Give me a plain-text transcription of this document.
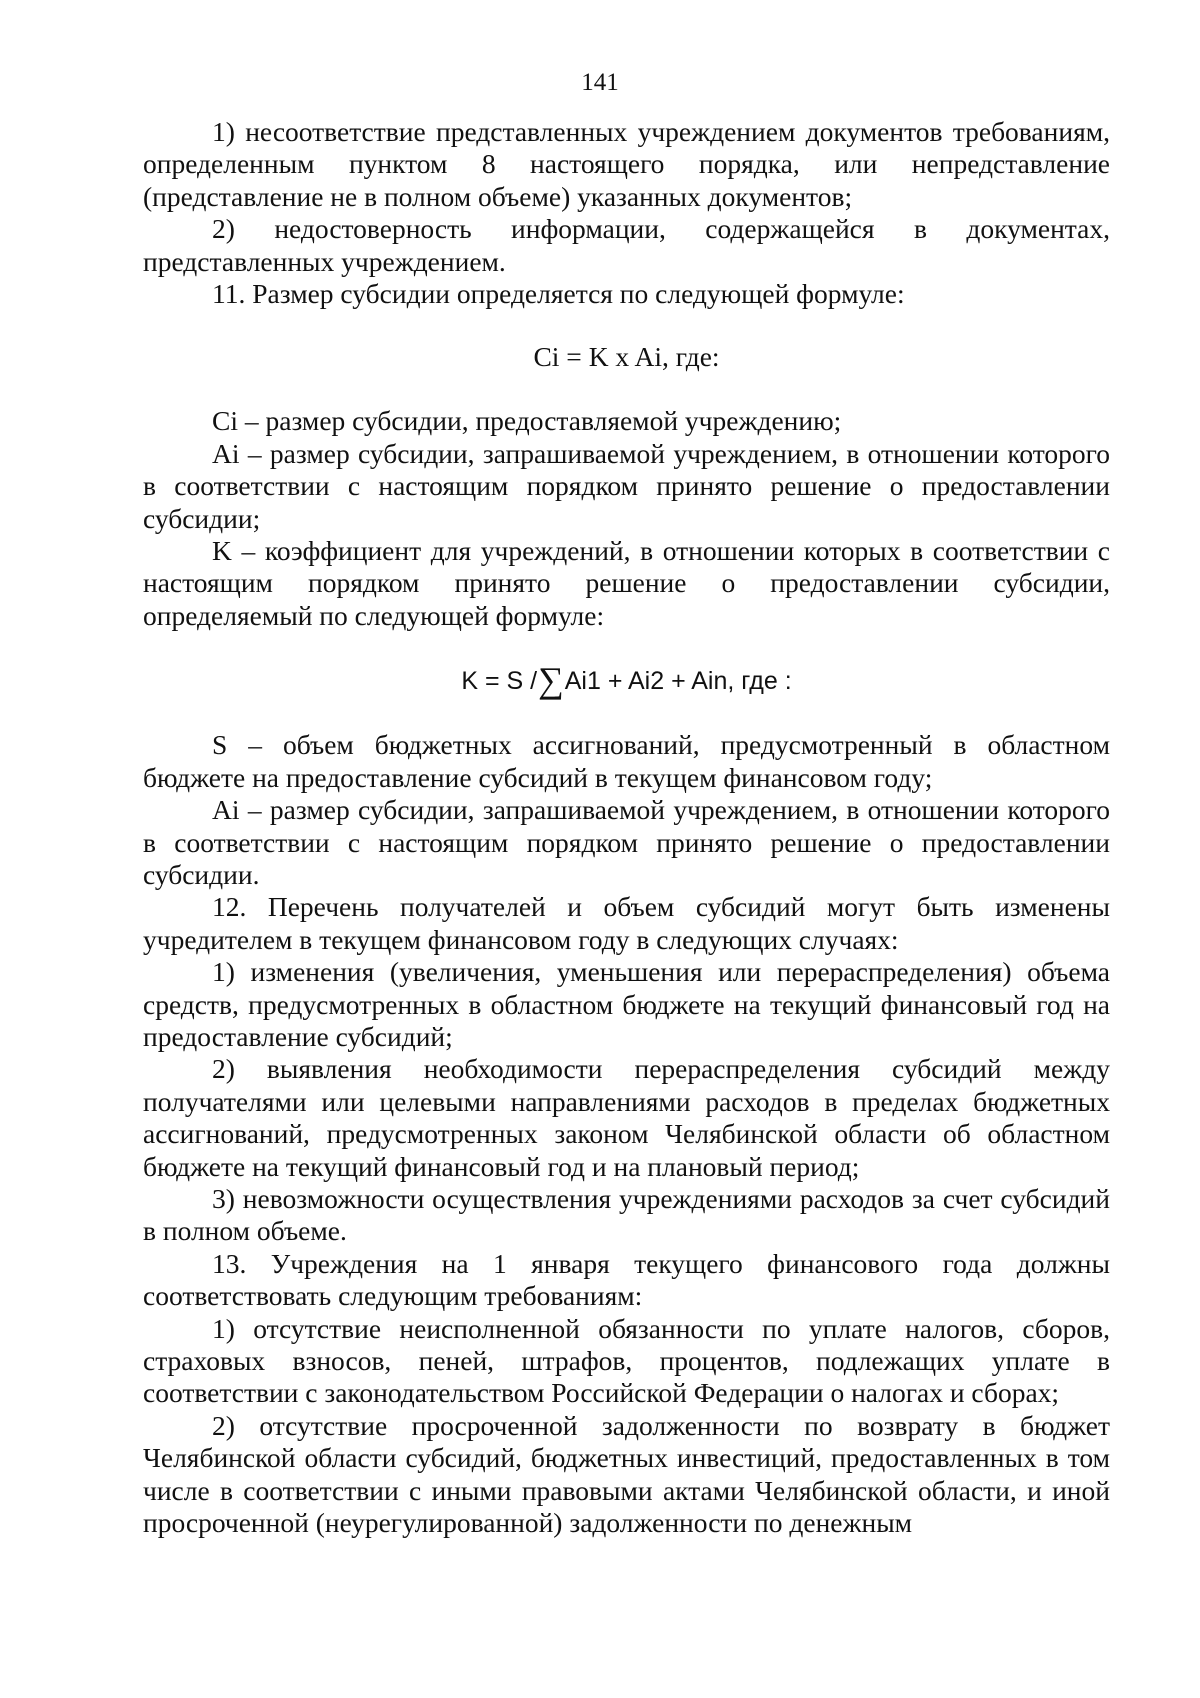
141

1) несоответствие представленных учреждением документов требованиям, определенным пунктом 8 настоящего порядка, или непредставление (представление не в полном объеме) указанных документов;

2) недостоверность информации, содержащейся в документах, представленных учреждением.

11. Размер субсидии определяется по следующей формуле:

Ci = K x Ai, где:

Ci – размер субсидии, предоставляемой учреждению;

Ai – размер субсидии, запрашиваемой учреждением, в отношении которого в соответствии с настоящим порядком принято решение о предоставлении субсидии;

K – коэффициент для учреждений, в отношении которых в соответствии с настоящим порядком принято решение о предоставлении субсидии, определяемый по следующей формуле:

K = S /∑Ai1 + Ai2 + Ain, где :

S – объем бюджетных ассигнований, предусмотренный в областном бюджете на предоставление субсидий в текущем финансовом году;

Ai – размер субсидии, запрашиваемой учреждением, в отношении которого в соответствии с настоящим порядком принято решение о предоставлении субсидии.

12. Перечень получателей и объем субсидий могут быть изменены учредителем в текущем финансовом году в следующих случаях:

1) изменения (увеличения, уменьшения или перераспределения) объема средств, предусмотренных в областном бюджете на текущий финансовый год на предоставление субсидий;

2) выявления необходимости перераспределения субсидий между получателями или целевыми направлениями расходов в пределах бюджетных ассигнований, предусмотренных законом Челябинской области об областном бюджете на текущий финансовый год и на плановый период;

3) невозможности осуществления учреждениями расходов за счет субсидий в полном объеме.

13. Учреждения на 1 января текущего финансового года должны соответствовать следующим требованиям:

1) отсутствие неисполненной обязанности по уплате налогов, сборов, страховых взносов, пеней, штрафов, процентов, подлежащих уплате в соответствии с законодательством Российской Федерации о налогах и сборах;

2) отсутствие просроченной задолженности по возврату в бюджет Челябинской области субсидий, бюджетных инвестиций, предоставленных в том числе в соответствии с иными правовыми актами Челябинской области, и иной просроченной (неурегулированной) задолженности по денежным
